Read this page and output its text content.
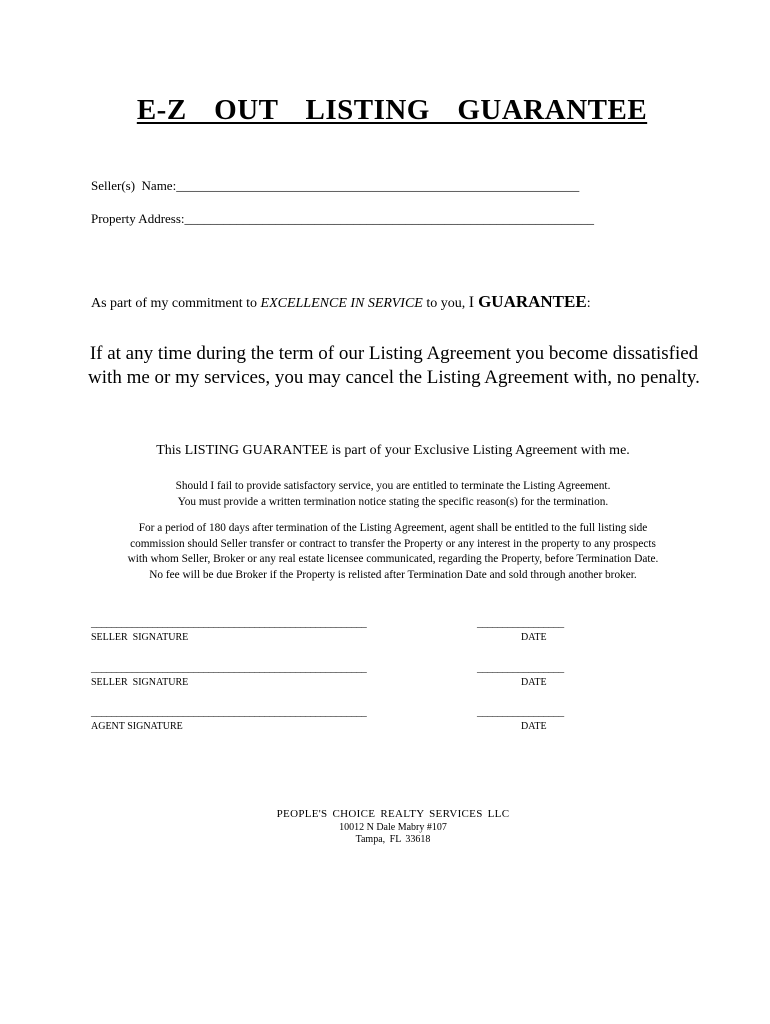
E-Z  OUT  LISTING  GUARANTEE
Seller(s)  Name:______________________________________________________________
Property Address:_______________________________________________________________
As part of my commitment to EXCELLENCE IN SERVICE to you, I GUARANTEE:
If at any time during the term of our Listing Agreement you become dissatisfied with me or my services, you may cancel the Listing Agreement with, no penalty.
This LISTING GUARANTEE is part of your Exclusive Listing Agreement with me.
Should I fail to provide satisfactory service, you are entitled to terminate the Listing Agreement.
You must provide a written termination notice stating the specific reason(s) for the termination.
For a period of 180 days after termination of the Listing Agreement, agent shall be entitled to the full listing side
commission should Seller transfer or contract to transfer the Property or any interest in the property to any prospects
with whom Seller, Broker or any real estate licensee communicated, regarding the Property, before Termination Date.
No fee will be due Broker if the Property is relisted after Termination Date and sold through another broker.
______________________________________________________	_________________
SELLER  SIGNATURE	DATE
______________________________________________________	_________________
SELLER  SIGNATURE	DATE
______________________________________________________	_________________
AGENT SIGNATURE	DATE
PEOPLE'S CHOICE REALTY SERVICES LLC
10012 N Dale Mabry #107
Tampa, FL 33618
